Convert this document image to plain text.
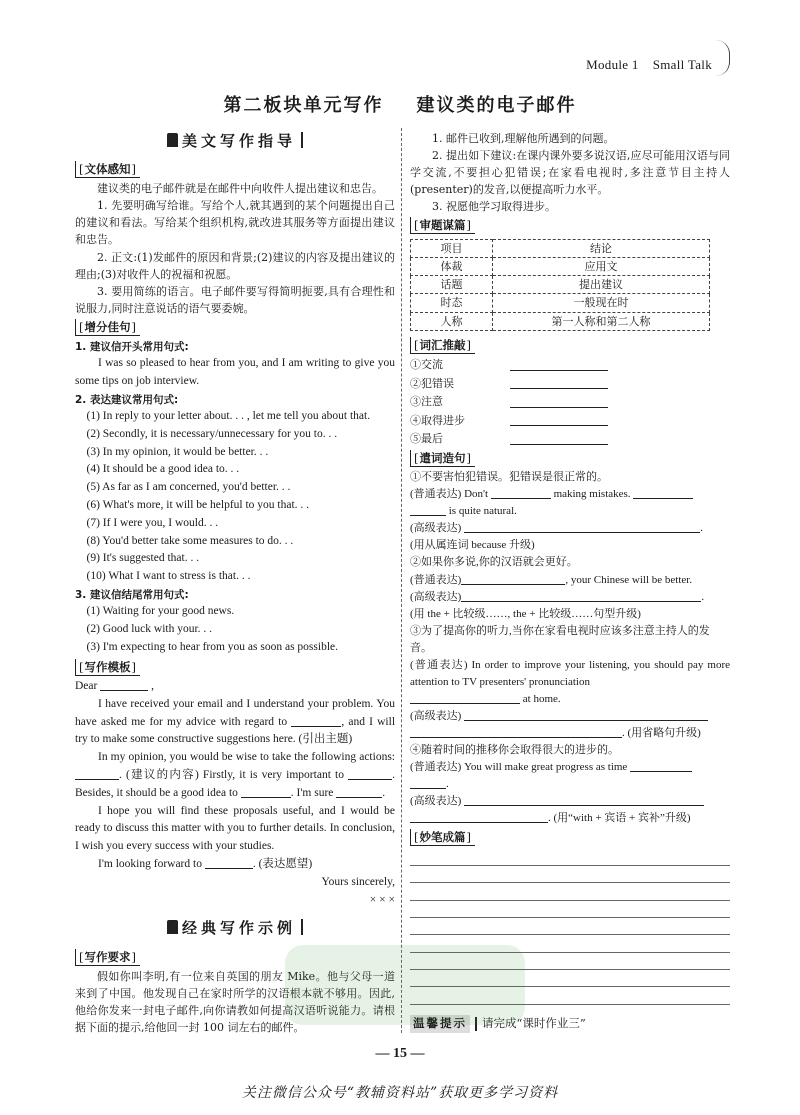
Module 1 Small Talk
第二板块单元写作    建议类的电子邮件
美文写作指导
[ 文体感知 ]

建议类的电子邮件就是在邮件中向收件人提出建议和忠告。

1. 先要明确写给谁。写给个人,就其遇到的某个问题提出自己的建议和看法。写给某个组织机构,就改进其服务等方面提出建议和忠告。

2. 正文:(1)发邮件的原因和背景;(2)建议的内容及提出建议的理由;(3)对收件人的祝福和祝愿。

3. 要用简练的语言。电子邮件要写得简明扼要,具有合理性和说服力,同时注意说话的语气要委婉。

[ 增分佳句 ]

1. 建议信开头常用句式:

I was so pleased to hear from you, and I am writing to give you some tips on job interview.

2. 表达建议常用句式:

(1) In reply to your letter about. . . , let me tell you about that.

(2) Secondly, it is necessary/unnecessary for you to. . .

(3) In my opinion, it would be better. . .

(4) It should be a good idea to. . .

(5) As far as I am concerned, you'd better. . .

(6) What's more, it will be helpful to you that. . .

(7) If I were you, I would. . .

(8) You'd better take some measures to do. . .

(9) It's suggested that. . .

(10) What I want to stress is that. . .

3. 建议信结尾常用句式:

(1) Waiting for your good news.

(2) Good luck with your. . .

(3) I'm expecting to hear from you as soon as possible.

[ 写作模板 ]

Dear	,

I have received your email and I understand your problem. You have asked me for my advice with regard to	, and I will try to make some constructive suggestions here. (引出主题)

In my opinion, you would be wise to take the following actions: . (建议的内容) Firstly, it is very important to	. Besides, it should be a good idea to	. I'm sure	.

I hope you will find these proposals useful, and I would be ready to discuss this matter with you to further details. In conclusion, I wish you every success with your studies.

I'm looking forward to	. (表达愿望)

Yours sincerely,

× × ×

经典写作示例
[ 写作要求 ]

假如你叫李明,有一位来自英国的朋友 Mike。他与父母一道来到了中国。他发现自己在家时所学的汉语根本就不够用。因此,他给你发来一封电子邮件,向你请教如何提高汉语听说能力。请根据下面的提示,给他回一封 100 词左右的邮件。

1. 邮件已收到,理解他所遇到的问题。

2. 提出如下建议:在课内课外要多说汉语,应尽可能用汉语与同学交流,不要担心犯错误;在家看电视时,多注意节目主持人(presenter)的发音,以便提高听力水平。

3. 祝愿他学习取得进步。

[ 审题谋篇 ]
项目	结论
体裁	应用文
话题	提出建议
时态	一般现在时
人称	第一人称和第二人称
[ 词汇推敲 ]
①交流
②犯错误
③注意
④取得进步
⑤最后
[ 遣词造句 ]

①不要害怕犯错误。犯错误是很正常的。

(普通表达) Don't	making mistakes.

is quite natural.

(高级表达)	.

(用从属连词 because 升级)

②如果你多说,你的汉语就会更好。

(普通表达)	, your Chinese will be better.

(高级表达)	.

(用 the + 比较级……, the + 比较级……句型升级)

③为了提高你的听力,当你在家看电视时应该多注意主持人的发音。

(普通表达) In order to improve your listening, you should pay more attention to TV presenters' pronunciation

at home.

(高级表达)

. (用省略句升级)

④随着时间的推移你会取得很大的进步的。

(普通表达) You will make great progress as time

.

(高级表达)

. (用“with + 宾语 + 宾补”升级)

[ 妙笔成篇 ]
温馨提示 请完成“课时作业三”
— 15 —
关注微信公众号“教辅资料站”获取更多学习资料
